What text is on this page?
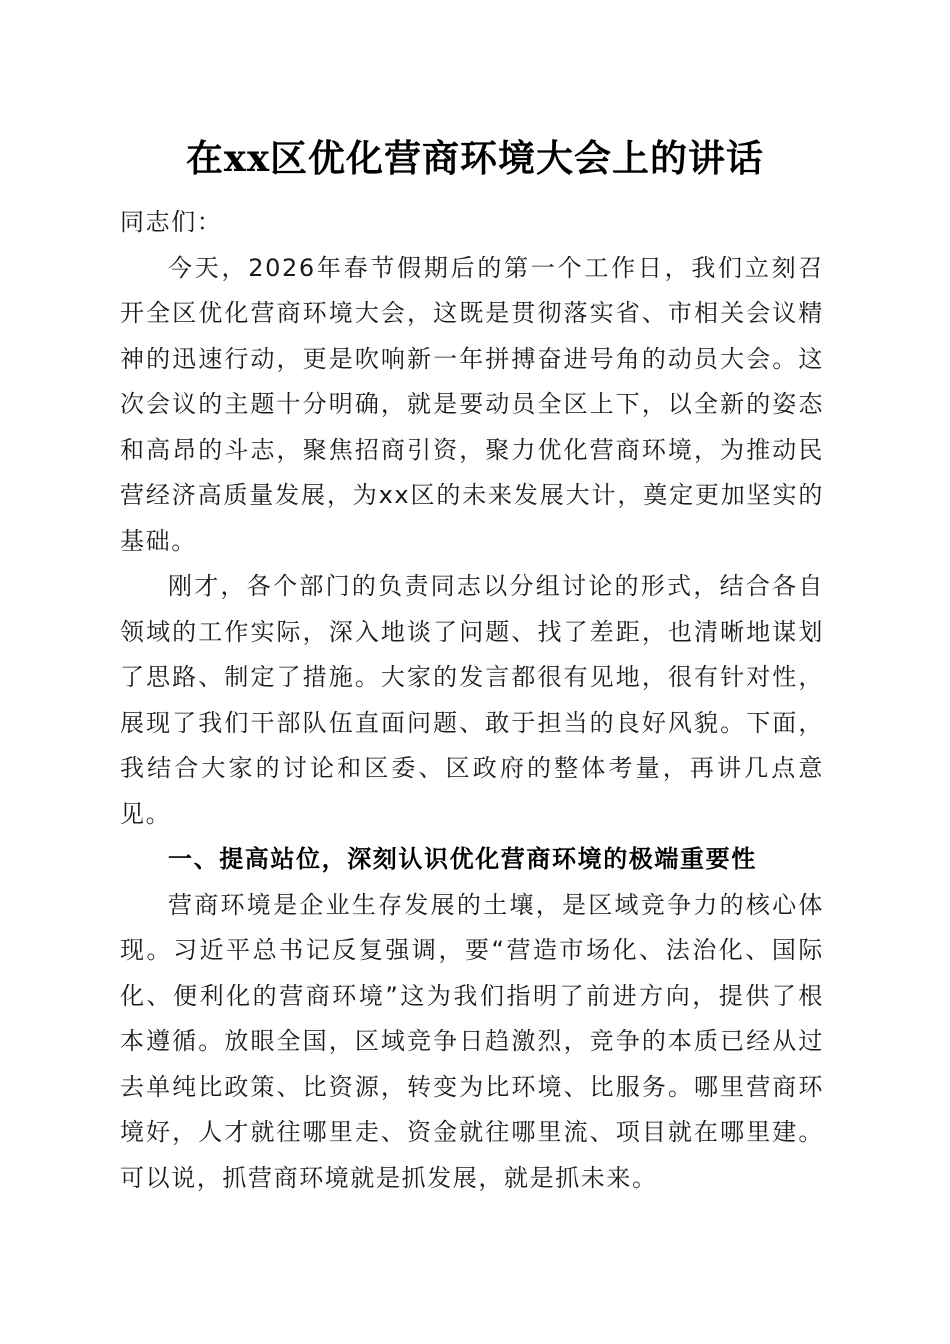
在xx区优化营商环境大会上的讲话

同志们：

今天，2026年春节假期后的第一个工作日，我们立刻召开全区优化营商环境大会，这既是贯彻落实省、市相关会议精神的迅速行动，更是吹响新一年拼搏奋进号角的动员大会。这次会议的主题十分明确，就是要动员全区上下，以全新的姿态和高昂的斗志，聚焦招商引资，聚力优化营商环境，为推动民营经济高质量发展，为xx区的未来发展大计，奠定更加坚实的基础。

刚才，各个部门的负责同志以分组讨论的形式，结合各自领域的工作实际，深入地谈了问题、找了差距，也清晰地谋划了思路、制定了措施。大家的发言都很有见地，很有针对性，展现了我们干部队伍直面问题、敢于担当的良好风貌。下面，我结合大家的讨论和区委、区政府的整体考量，再讲几点意见。

一、提高站位，深刻认识优化营商环境的极端重要性

营商环境是企业生存发展的土壤，是区域竞争力的核心体现。习近平总书记反复强调，要“营造市场化、法治化、国际化、便利化的营商环境”这为我们指明了前进方向，提供了根本遵循。放眼全国，区域竞争日趋激烈，竞争的本质已经从过去单纯比政策、比资源，转变为比环境、比服务。哪里营商环境好，人才就往哪里走、资金就往哪里流、项目就在哪里建。可以说，抓营商环境就是抓发展，就是抓未来。
